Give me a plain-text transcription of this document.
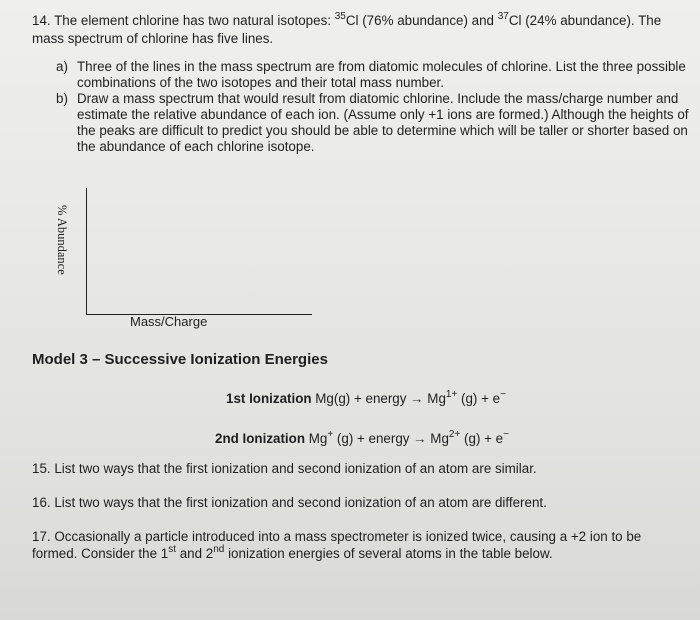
14. The element chlorine has two natural isotopes: $^{35}$Cl (76% abundance) and $^{37}$Cl (24% abundance). The
mass spectrum of chlorine has five lines.
a) Three of the lines in the mass spectrum are from diatomic molecules of chlorine. List the three possible
combinations of the two isotopes and their total mass number.
b) Draw a mass spectrum that would result from diatomic chlorine. Include the mass/charge number and
estimate the relative abundance of each ion. (Assume only +1 ions are formed.) Although the heights of
the peaks are difficult to predict you should be able to determine which will be taller or shorter based on
the abundance of each chlorine isotope.
% Abundance
Mass/Charge
Model 3 – Successive Ionization Energies
1st Ionization Mg(g) + energy → $Mg^{1+}$ (g) + e−
2nd Ionization Mg+ (g) + energy → $Mg^{2+}$ (g) + e−
15. List two ways that the first ionization and second ionization of an atom are similar.
16. List two ways that the first ionization and second ionization of an atom are different.
17. Occasionally a particle introduced into a mass spectrometer is ionized twice, causing a +2 ion to be
formed. Consider the 1st and 2nd ionization energies of several atoms in the table below.
